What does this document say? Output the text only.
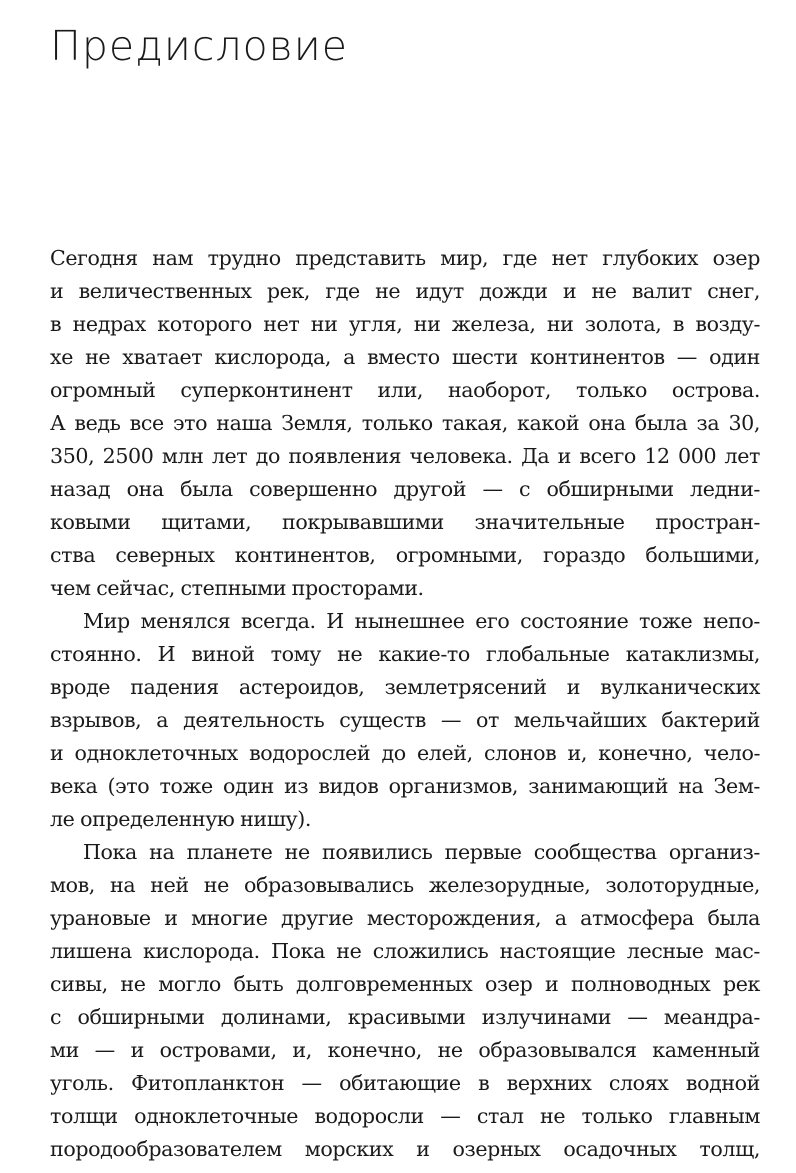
Предисловие
Сегодня нам трудно представить мир, где нет глубоких озер
и величественных рек, где не идут дожди и не валит снег,
в недрах которого нет ни угля, ни железа, ни золота, в возду-
хе не хватает кислорода, а вместо шести континентов — один
огромный суперконтинент или, наоборот, только острова.
А ведь все это наша Земля, только такая, какой она была за 30,
350, 2500 млн лет до появления человека. Да и всего 12 000 лет
назад она была совершенно другой — с обширными ледни-
ковыми щитами, покрывавшими значительные простран-
ства северных континентов, огромными, гораздо большими,
чем сейчас, степными просторами.
Мир менялся всегда. И нынешнее его состояние тоже непо-
стоянно. И виной тому не какие-то глобальные катаклизмы,
вроде падения астероидов, землетрясений и вулканических
взрывов, а деятельность существ — от мельчайших бактерий
и одноклеточных водорослей до елей, слонов и, конечно, чело-
века (это тоже один из видов организмов, занимающий на Зем-
ле определенную нишу).
Пока на планете не появились первые сообщества организ-
мов, на ней не образовывались железорудные, золоторудные,
урановые и многие другие месторождения, а атмосфера была
лишена кислорода. Пока не сложились настоящие лесные мас-
сивы, не могло быть долговременных озер и полноводных рек
с обширными долинами, красивыми излучинами — меандра-
ми — и островами, и, конечно, не образовывался каменный
уголь. Фитопланктон — обитающие в верхних слоях водной
толщи одноклеточные водоросли — стал не только главным
породообразователем морских и озерных осадочных толщ,
